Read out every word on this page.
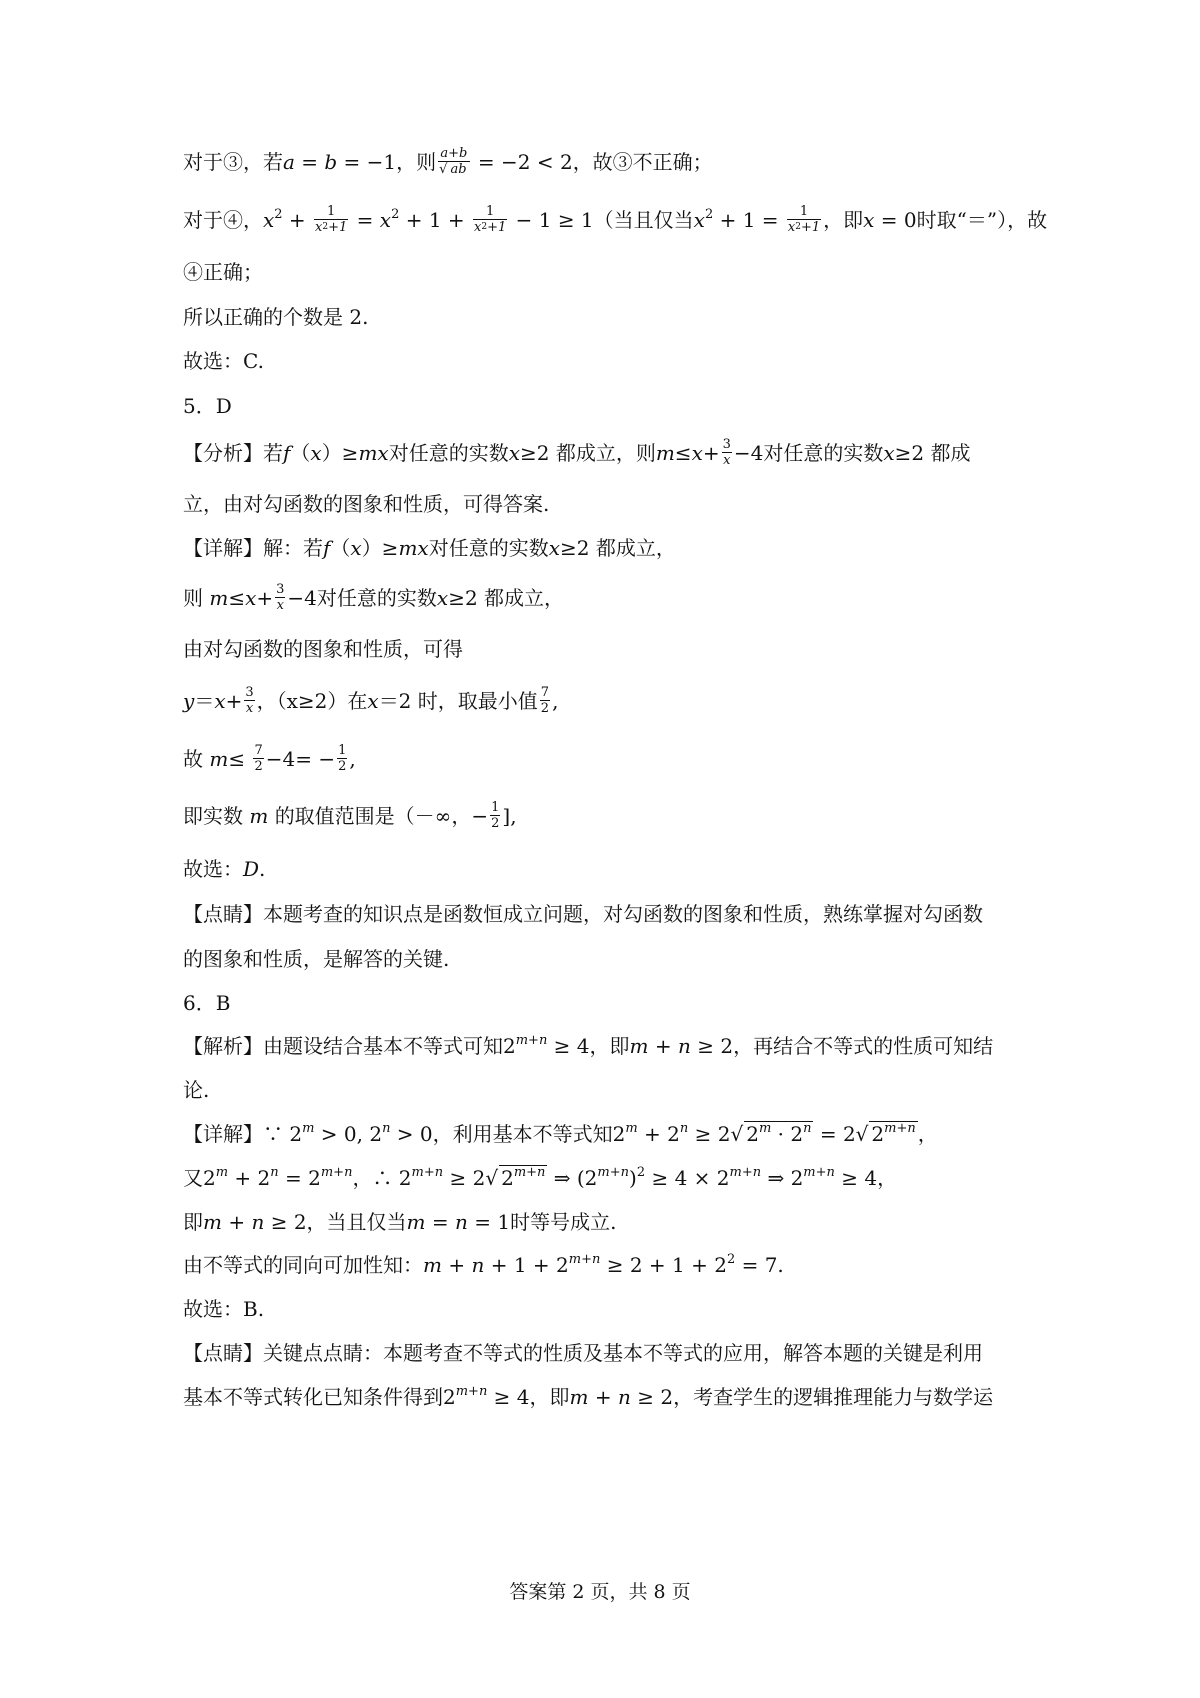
对于③，若a = b = −1，则 $\frac{a+b}{√ ab} = -2 < 2$，故③不正确；
对于④，$x^2 + \frac{1}{x^2+1} = x^2 + 1 + \frac{1}{x^2+1} - 1 \ge 1$（当且仅当$x^2 + 1 = \frac{1}{x^2+1}$ ，即x = 0时取“＝”），故
④正确；
所以正确的个数是 2.
故选：C.
5．D
【分析】若f（x）≥mx对任意的实数x≥2 都成立，则$m\le x+ \frac{3}{x} -4$对任意的实数x≥2 都成
立，由对勾函数的图象和性质，可得答案.
【详解】解：若f（x）≥mx对任意的实数x≥2 都成立，
则 $m\le x+ \frac{3}{x} -4$对任意的实数x≥2 都成立，
由对勾函数的图象和性质，可得
$y=x+ \frac{3}{x}$ ，（x≥2）在x＝2 时，取最小值 $\frac{7}{2}$ ,
故 $m\le \frac{7}{2} -4= - \frac{1}{2}$ ,
即实数 m 的取值范围是（－∞，− $\frac{1}{2}$ ],
故选：D.
【点睛】本题考查的知识点是函数恒成立问题，对勾函数的图象和性质，熟练掌握对勾函数
的图象和性质，是解答的关键.
6．B
【解析】由题设结合基本不等式可知$2^{m+n} \ge 4$，即m + n ≥ 2，再结合不等式的性质可知结
论.
【详解】∵ $2^m > 0$, $2^n > 0$，利用基本不等式知$2^m + 2^n \ge 2√$ $2^m \cdot 2^n = 2√$ $2^{m+n}$ ，
又$2^m + 2^n = 2^{m+n}$，∴ $2^{m+n} \ge 2√$ $2^{m+n}$ ⇒ $(2^{m+n})^2 \ge 4 \times 2^{m+n}$ ⇒ $2^{m+n} \ge 4$，
即m + n ≥ 2，当且仅当m = n = 1时等号成立.
由不等式的同向可加性知：$m + n + 1 + 2^{m+n} \ge 2 + 1 + 2^2 = 7$.
故选：B.
【点睛】关键点点睛：本题考查不等式的性质及基本不等式的应用，解答本题的关键是利用
基本不等式转化已知条件得到$2^{m+n} \ge 4$，即m + n ≥ 2，考查学生的逻辑推理能力与数学运
答案第 2 页，共 8 页
